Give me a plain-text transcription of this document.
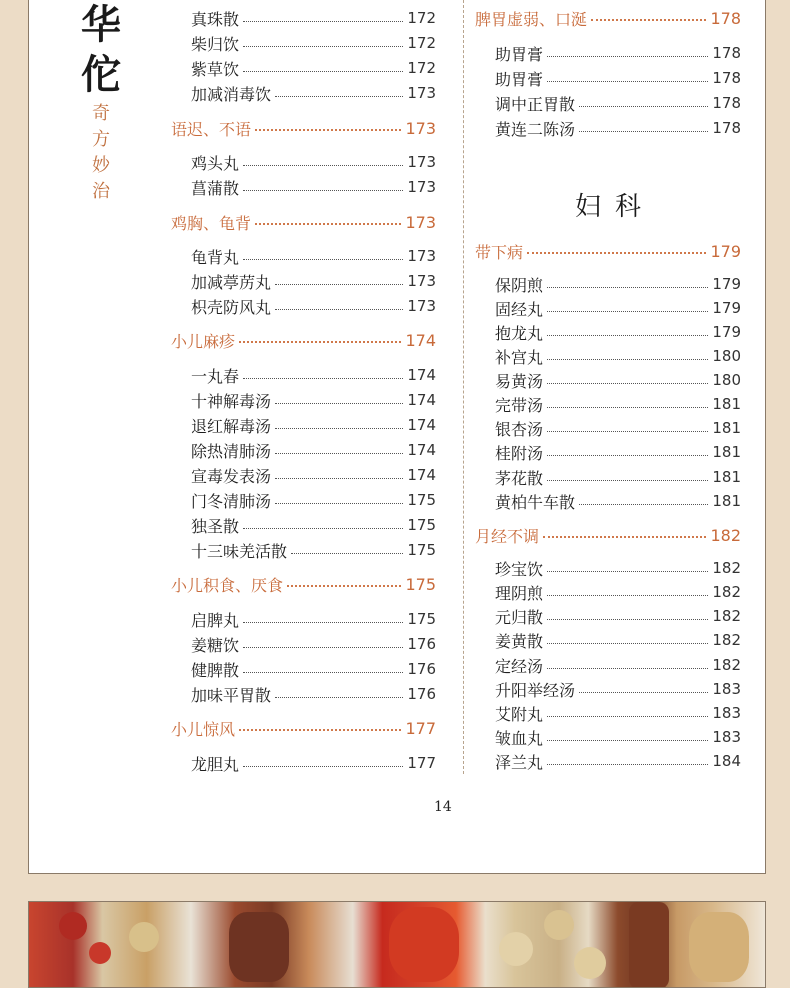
华
佗
奇
方
妙
治
真珠散	172
柴归饮	172
紫草饮	172
加减消毒饮	173
语迟、不语	173
鸡头丸	173
菖蒲散	173
鸡胸、龟背	173
龟背丸	173
加减葶苈丸	173
枳壳防风丸	173
小儿麻疹	174
一丸春	174
十神解毒汤	174
退红解毒汤	174
除热清肺汤	174
宣毒发表汤	174
门冬清肺汤	175
独圣散	175
十三味羌活散	175
小儿积食、厌食	175
启脾丸	175
姜糖饮	176
健脾散	176
加味平胃散	176
小儿惊风	177
龙胆丸	177
脾胃虚弱、口涎	178
助胃膏	178
助胃膏	178
调中正胃散	178
黄连二陈汤	178
妇科
带下病	179
保阴煎	179
固经丸	179
抱龙丸	179
补宫丸	180
易黄汤	180
完带汤	181
银杏汤	181
桂附汤	181
茅花散	181
黄柏牛车散	181
月经不调	182
珍宝饮	182
理阴煎	182
元归散	182
姜黄散	182
定经汤	182
升阳举经汤	183
艾附丸	183
皱血丸	183
泽兰丸	184
14
